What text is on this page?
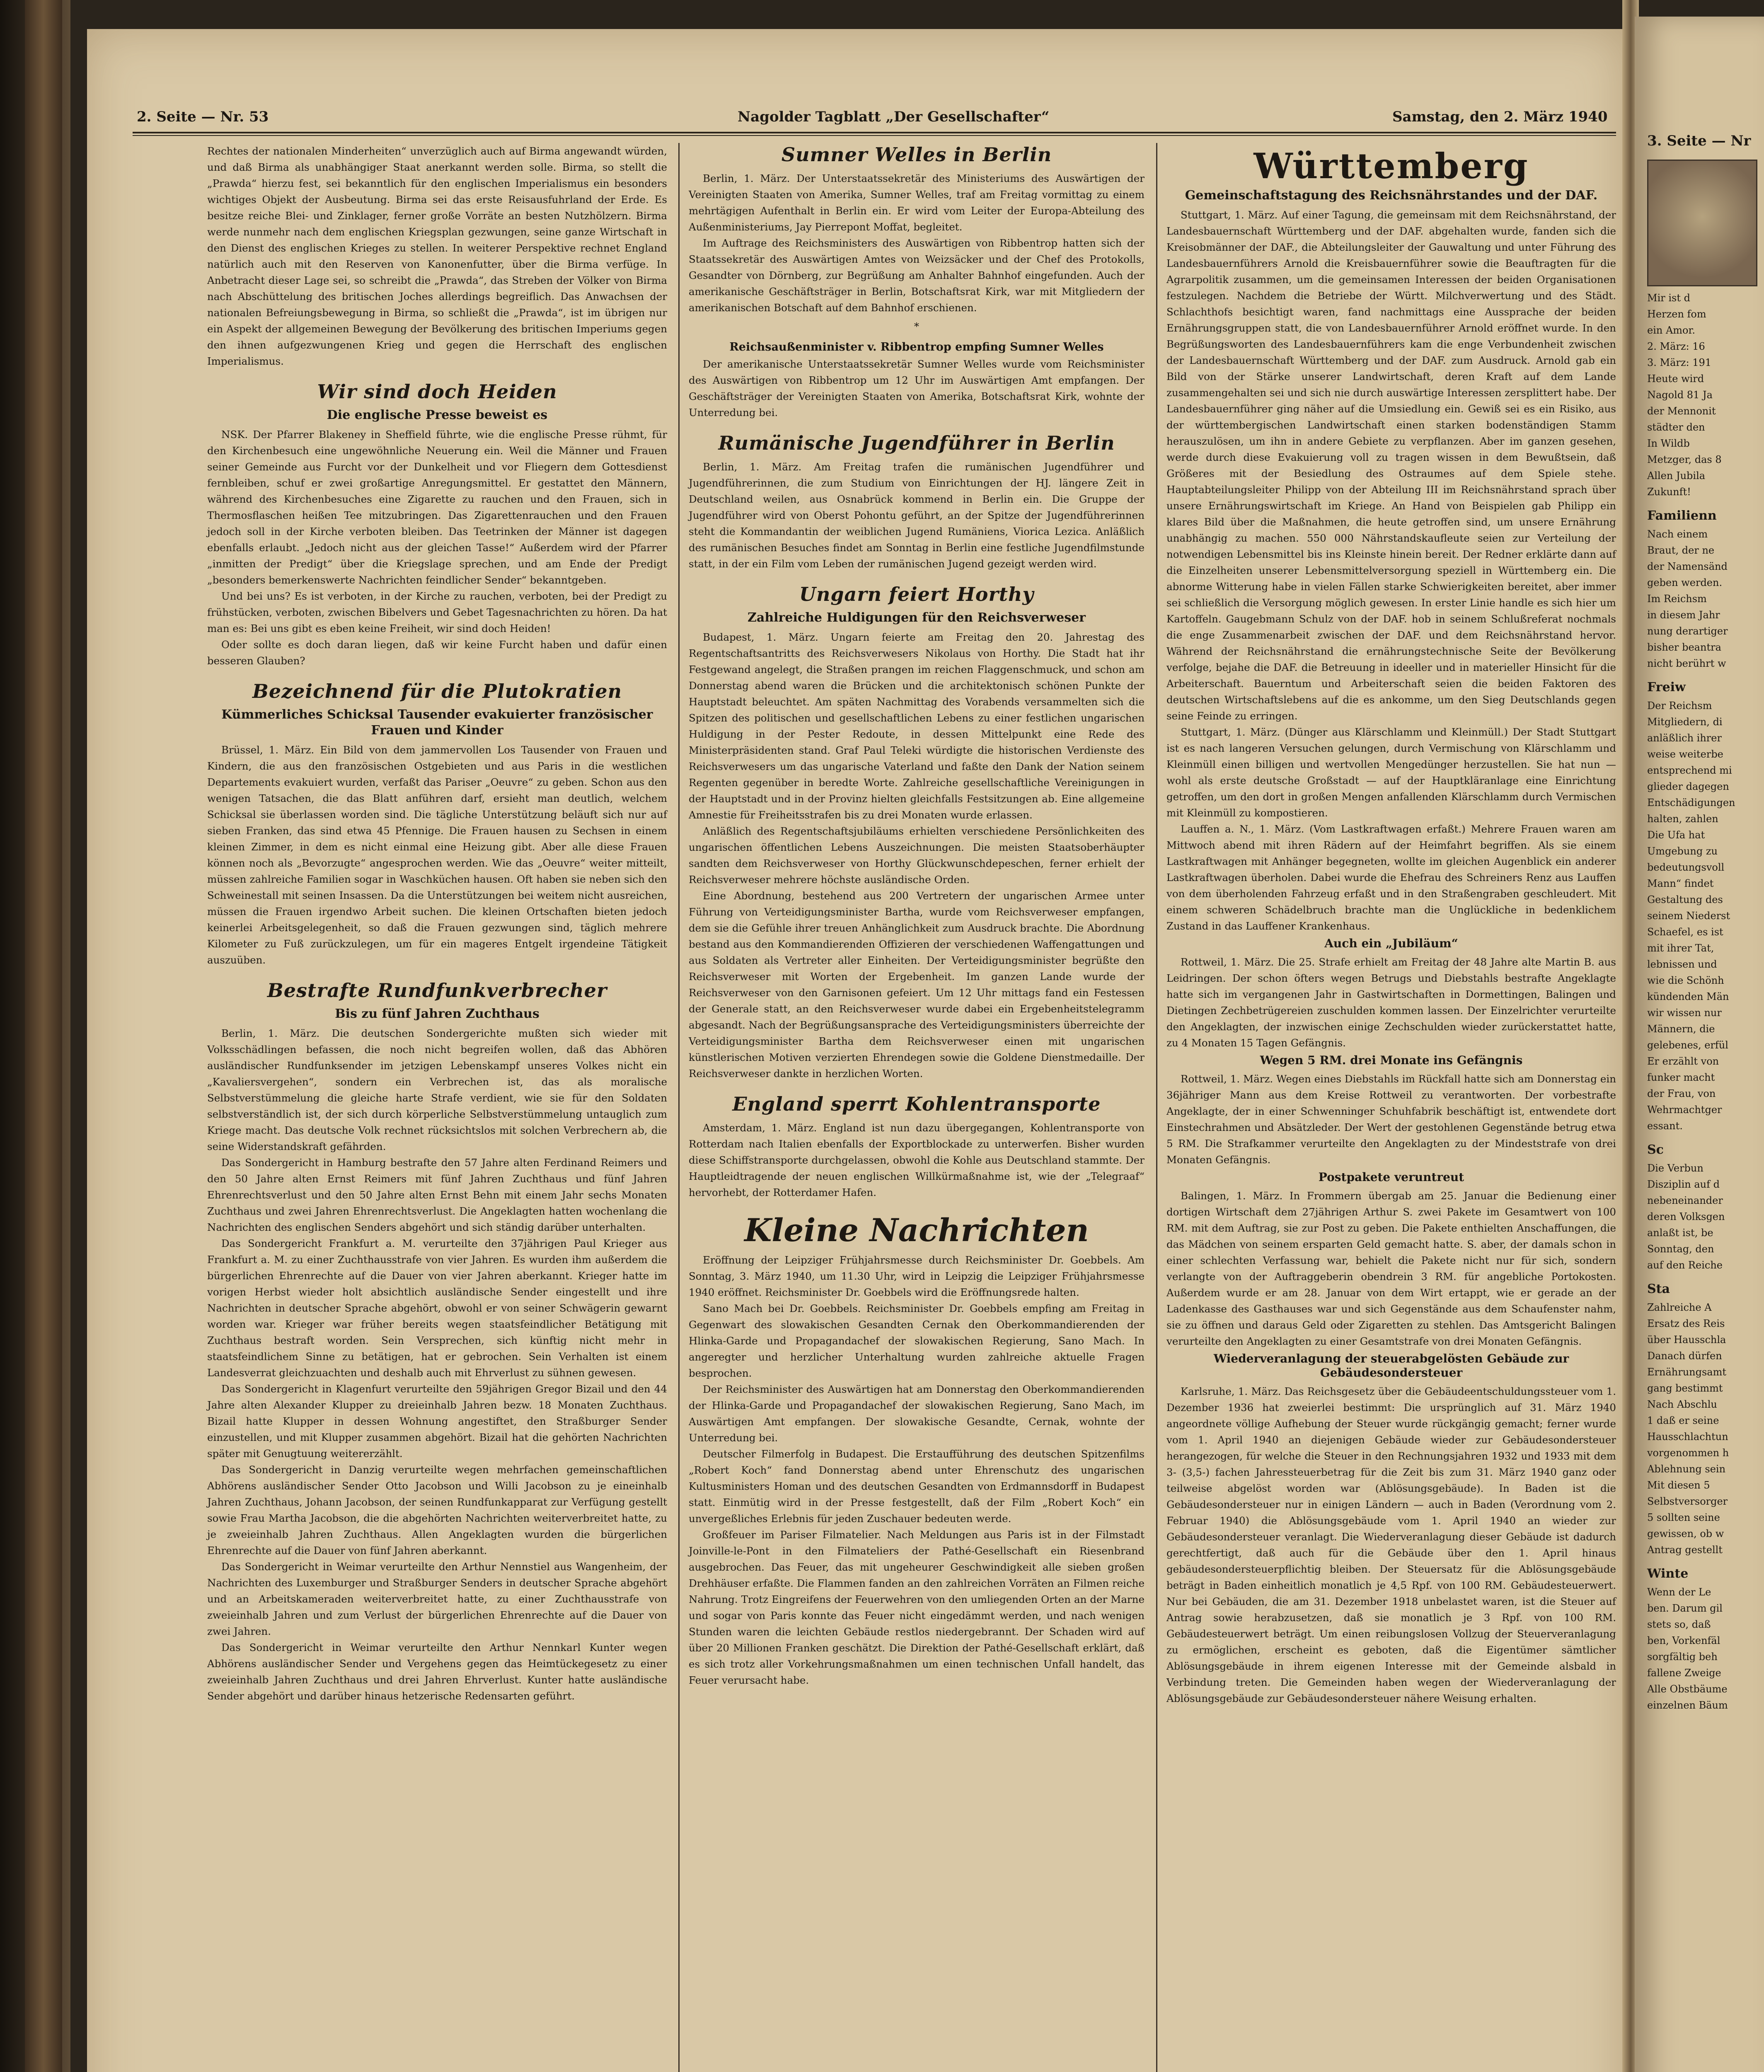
2. Seite — Nr. 53	Nagolder Tagblatt „Der Gesellschafter“	Samstag, den 2. März 1940

Rechtes der nationalen Minderheiten“ unverzüglich auch auf Birma angewandt würden, und daß Birma als unabhängiger Staat anerkannt werden solle. Birma, so stellt die „Prawda“ hierzu fest, sei bekanntlich für den englischen Imperialismus ein besonders wichtiges Objekt der Ausbeutung. Birma sei das erste Reisausfuhrland der Erde. Es besitze reiche Blei- und Zinklager, ferner große Vorräte an besten Nutzhölzern. Birma werde nunmehr nach dem englischen Kriegsplan gezwungen, seine ganze Wirtschaft in den Dienst des englischen Krieges zu stellen. In weiterer Perspektive rechnet England natürlich auch mit den Reserven von Kanonenfutter, über die Birma verfüge. In Anbetracht dieser Lage sei, so schreibt die „Prawda“, das Streben der Völker von Birma nach Abschüttelung des britischen Joches allerdings begreiflich. Das Anwachsen der nationalen Befreiungsbewegung in Birma, so schließt die „Prawda“, ist im übrigen nur ein Aspekt der allgemeinen Bewegung der Bevölkerung des britischen Imperiums gegen den ihnen aufgezwungenen Krieg und gegen die Herrschaft des englischen Imperialismus.

Wir sind doch Heiden
Die englische Presse beweist es

NSK. Der Pfarrer Blakeney in Sheffield führte, wie die englische Presse rühmt, für den Kirchenbesuch eine ungewöhnliche Neuerung ein. Weil die Männer und Frauen seiner Gemeinde aus Furcht vor der Dunkelheit und vor Fliegern dem Gottesdienst fernbleiben, schuf er zwei großartige Anregungsmittel. Er gestattet den Männern, während des Kirchenbesuches eine Zigarette zu rauchen und den Frauen, sich in Thermosflaschen heißen Tee mitzubringen. Das Zigarettenrauchen und den Frauen jedoch soll in der Kirche verboten bleiben. Das Teetrinken der Männer ist dagegen ebenfalls erlaubt. „Jedoch nicht aus der gleichen Tasse!“ Außerdem wird der Pfarrer „inmitten der Predigt“ über die Kriegslage sprechen, und am Ende der Predigt „besonders bemerkenswerte Nachrichten feindlicher Sender“ bekanntgeben.

Und bei uns? Es ist verboten, in der Kirche zu rauchen, verboten, bei der Predigt zu frühstücken, verboten, zwischen Bibelvers und Gebet Tagesnachrichten zu hören. Da hat man es: Bei uns gibt es eben keine Freiheit, wir sind doch Heiden!

Oder sollte es doch daran liegen, daß wir keine Furcht haben und dafür einen besseren Glauben?

Bezeichnend für die Plutokratien
Kümmerliches Schicksal Tausender evakuierter französischer Frauen und Kinder

Brüssel, 1. März. Ein Bild von dem jammervollen Los Tausender von Frauen und Kindern, die aus den französischen Ostgebieten und aus Paris in die westlichen Departements evakuiert wurden, verfaßt das Pariser „Oeuvre“ zu geben. Schon aus den wenigen Tatsachen, die das Blatt anführen darf, ersieht man deutlich, welchem Schicksal sie überlassen worden sind. Die tägliche Unterstützung beläuft sich nur auf sieben Franken, das sind etwa 45 Pfennige. Die Frauen hausen zu Sechsen in einem kleinen Zimmer, in dem es nicht einmal eine Heizung gibt. Aber alle diese Frauen können noch als „Bevorzugte“ angesprochen werden. Wie das „Oeuvre“ weiter mitteilt, müssen zahlreiche Familien sogar in Waschküchen hausen. Oft haben sie neben sich den Schweinestall mit seinen Insassen. Da die Unterstützungen bei weitem nicht ausreichen, müssen die Frauen irgendwo Arbeit suchen. Die kleinen Ortschaften bieten jedoch keinerlei Arbeitsgelegenheit, so daß die Frauen gezwungen sind, täglich mehrere Kilometer zu Fuß zurückzulegen, um für ein mageres Entgelt irgendeine Tätigkeit auszuüben.

Bestrafte Rundfunkverbrecher
Bis zu fünf Jahren Zuchthaus

Berlin, 1. März. Die deutschen Sondergerichte mußten sich wieder mit Volksschädlingen befassen, die noch nicht begreifen wollen, daß das Abhören ausländischer Rundfunksender im jetzigen Lebenskampf unseres Volkes nicht ein „Kavaliersvergehen“, sondern ein Verbrechen ist, das als moralische Selbstverstümmelung die gleiche harte Strafe verdient, wie sie für den Soldaten selbstverständlich ist, der sich durch körperliche Selbstverstümmelung untauglich zum Kriege macht. Das deutsche Volk rechnet rücksichtslos mit solchen Verbrechern ab, die seine Widerstandskraft gefährden.

Das Sondergericht in Hamburg bestrafte den 57 Jahre alten Ferdinand Reimers und den 50 Jahre alten Ernst Reimers mit fünf Jahren Zuchthaus und fünf Jahren Ehrenrechtsverlust und den 50 Jahre alten Ernst Behn mit einem Jahr sechs Monaten Zuchthaus und zwei Jahren Ehrenrechtsverlust. Die Angeklagten hatten wochenlang die Nachrichten des englischen Senders abgehört und sich ständig darüber unterhalten.

Das Sondergericht Frankfurt a. M. verurteilte den 37jährigen Paul Krieger aus Frankfurt a. M. zu einer Zuchthausstrafe von vier Jahren. Es wurden ihm außerdem die bürgerlichen Ehrenrechte auf die Dauer von vier Jahren aberkannt. Krieger hatte im vorigen Herbst wieder holt absichtlich ausländische Sender eingestellt und ihre Nachrichten in deutscher Sprache abgehört, obwohl er von seiner Schwägerin gewarnt worden war. Krieger war früher bereits wegen staatsfeindlicher Betätigung mit Zuchthaus bestraft worden. Sein Versprechen, sich künftig nicht mehr in staatsfeindlichem Sinne zu betätigen, hat er gebrochen. Sein Verhalten ist einem Landesverrat gleichzuachten und deshalb auch mit Ehrverlust zu sühnen gewesen.

Das Sondergericht in Klagenfurt verurteilte den 59jährigen Gregor Bizail und den 44 Jahre alten Alexander Klupper zu dreieinhalb Jahren bezw. 18 Monaten Zuchthaus. Bizail hatte Klupper in dessen Wohnung angestiftet, den Straßburger Sender einzustellen, und mit Klupper zusammen abgehört. Bizail hat die gehörten Nachrichten später mit Genugtuung weitererzählt.

Das Sondergericht in Danzig verurteilte wegen mehrfachen gemeinschaftlichen Abhörens ausländischer Sender Otto Jacobson und Willi Jacobson zu je eineinhalb Jahren Zuchthaus, Johann Jacobson, der seinen Rundfunkapparat zur Verfügung gestellt sowie Frau Martha Jacobson, die die abgehörten Nachrichten weiterverbreitet hatte, zu je zweieinhalb Jahren Zuchthaus. Allen Angeklagten wurden die bürgerlichen Ehrenrechte auf die Dauer von fünf Jahren aberkannt.

Das Sondergericht in Weimar verurteilte den Arthur Nennstiel aus Wangenheim, der Nachrichten des Luxemburger und Straßburger Senders in deutscher Sprache abgehört und an Arbeitskameraden weiterverbreitet hatte, zu einer Zuchthausstrafe von zweieinhalb Jahren und zum Verlust der bürgerlichen Ehrenrechte auf die Dauer von zwei Jahren.

Das Sondergericht in Weimar verurteilte den Arthur Nennkarl Kunter wegen Abhörens ausländischer Sender und Vergehens gegen das Heimtückegesetz zu einer zweieinhalb Jahren Zuchthaus und drei Jahren Ehrverlust. Kunter hatte ausländische Sender abgehört und darüber hinaus hetzerische Redensarten geführt.

Sumner Welles in Berlin

Berlin, 1. März. Der Unterstaatssekretär des Ministeriums des Auswärtigen der Vereinigten Staaten von Amerika, Sumner Welles, traf am Freitag vormittag zu einem mehrtägigen Aufenthalt in Berlin ein. Er wird vom Leiter der Europa-Abteilung des Außenministeriums, Jay Pierrepont Moffat, begleitet.

Im Auftrage des Reichsministers des Auswärtigen von Ribbentrop hatten sich der Staatssekretär des Auswärtigen Amtes von Weizsäcker und der Chef des Protokolls, Gesandter von Dörnberg, zur Begrüßung am Anhalter Bahnhof eingefunden. Auch der amerikanische Geschäftsträger in Berlin, Botschaftsrat Kirk, war mit Mitgliedern der amerikanischen Botschaft auf dem Bahnhof erschienen.

*
Reichsaußenminister v. Ribbentrop empfing Sumner Welles

Der amerikanische Unterstaatssekretär Sumner Welles wurde vom Reichsminister des Auswärtigen von Ribbentrop um 12 Uhr im Auswärtigen Amt empfangen. Der Geschäftsträger der Vereinigten Staaten von Amerika, Botschaftsrat Kirk, wohnte der Unterredung bei.

Rumänische Jugendführer in Berlin

Berlin, 1. März. Am Freitag trafen die rumänischen Jugendführer und Jugendführerinnen, die zum Studium von Einrichtungen der HJ. längere Zeit in Deutschland weilen, aus Osnabrück kommend in Berlin ein. Die Gruppe der Jugendführer wird von Oberst Pohontu geführt, an der Spitze der Jugendführerinnen steht die Kommandantin der weiblichen Jugend Rumäniens, Viorica Lezica. Anläßlich des rumänischen Besuches findet am Sonntag in Berlin eine festliche Jugendfilmstunde statt, in der ein Film vom Leben der rumänischen Jugend gezeigt werden wird.

Ungarn feiert Horthy
Zahlreiche Huldigungen für den Reichsverweser

Budapest, 1. März. Ungarn feierte am Freitag den 20. Jahrestag des Regentschaftsantritts des Reichsverwesers Nikolaus von Horthy. Die Stadt hat ihr Festgewand angelegt, die Straßen prangen im reichen Flaggenschmuck, und schon am Donnerstag abend waren die Brücken und die architektonisch schönen Punkte der Hauptstadt beleuchtet. Am späten Nachmittag des Vorabends versammelten sich die Spitzen des politischen und gesellschaftlichen Lebens zu einer festlichen ungarischen Huldigung in der Pester Redoute, in dessen Mittelpunkt eine Rede des Ministerpräsidenten stand. Graf Paul Teleki würdigte die historischen Verdienste des Reichsverwesers um das ungarische Vaterland und faßte den Dank der Nation seinem Regenten gegenüber in beredte Worte. Zahlreiche gesellschaftliche Vereinigungen in der Hauptstadt und in der Provinz hielten gleichfalls Festsitzungen ab. Eine allgemeine Amnestie für Freiheitsstrafen bis zu drei Monaten wurde erlassen.

Anläßlich des Regentschaftsjubiläums erhielten verschiedene Persönlichkeiten des ungarischen öffentlichen Lebens Auszeichnungen. Die meisten Staatsoberhäupter sandten dem Reichsverweser von Horthy Glückwunschdepeschen, ferner erhielt der Reichsverweser mehrere höchste ausländische Orden.

Eine Abordnung, bestehend aus 200 Vertretern der ungarischen Armee unter Führung von Verteidigungsminister Bartha, wurde vom Reichsverweser empfangen, dem sie die Gefühle ihrer treuen Anhänglichkeit zum Ausdruck brachte. Die Abordnung bestand aus den Kommandierenden Offizieren der verschiedenen Waffengattungen und aus Soldaten als Vertreter aller Einheiten. Der Verteidigungsminister begrüßte den Reichsverweser mit Worten der Ergebenheit. Im ganzen Lande wurde der Reichsverweser von den Garnisonen gefeiert. Um 12 Uhr mittags fand ein Festessen der Generale statt, an den Reichsverweser wurde dabei ein Ergebenheitstelegramm abgesandt. Nach der Begrüßungsansprache des Verteidigungsministers überreichte der Verteidigungsminister Bartha dem Reichsverweser einen mit ungarischen künstlerischen Motiven verzierten Ehrendegen sowie die Goldene Dienstmedaille. Der Reichsverweser dankte in herzlichen Worten.

England sperrt Kohlentransporte

Amsterdam, 1. März. England ist nun dazu übergegangen, Kohlentransporte von Rotterdam nach Italien ebenfalls der Exportblockade zu unterwerfen. Bisher wurden diese Schiffstransporte durchgelassen, obwohl die Kohle aus Deutschland stammte. Der Hauptleidtragende der neuen englischen Willkürmaßnahme ist, wie der „Telegraaf“ hervorhebt, der Rotterdamer Hafen.

Kleine Nachrichten

Eröffnung der Leipziger Frühjahrsmesse durch Reichsminister Dr. Goebbels. Am Sonntag, 3. März 1940, um 11.30 Uhr, wird in Leipzig die Leipziger Frühjahrsmesse 1940 eröffnet. Reichsminister Dr. Goebbels wird die Eröffnungsrede halten.

Sano Mach bei Dr. Goebbels. Reichsminister Dr. Goebbels empfing am Freitag in Gegenwart des slowakischen Gesandten Cernak den Oberkommandierenden der Hlinka-Garde und Propagandachef der slowakischen Regierung, Sano Mach. In angeregter und herzlicher Unterhaltung wurden zahlreiche aktuelle Fragen besprochen.

Der Reichsminister des Auswärtigen hat am Donnerstag den Oberkommandierenden der Hlinka-Garde und Propagandachef der slowakischen Regierung, Sano Mach, im Auswärtigen Amt empfangen. Der slowakische Gesandte, Cernak, wohnte der Unterredung bei.

Deutscher Filmerfolg in Budapest. Die Erstaufführung des deutschen Spitzenfilms „Robert Koch“ fand Donnerstag abend unter Ehrenschutz des ungarischen Kultusministers Homan und des deutschen Gesandten von Erdmannsdorff in Budapest statt. Einmütig wird in der Presse festgestellt, daß der Film „Robert Koch“ ein unvergeßliches Erlebnis für jeden Zuschauer bedeuten werde.

Großfeuer im Pariser Filmatelier. Nach Meldungen aus Paris ist in der Filmstadt Joinville-le-Pont in den Filmateliers der Pathé-Gesellschaft ein Riesenbrand ausgebrochen. Das Feuer, das mit ungeheurer Geschwindigkeit alle sieben großen Drehhäuser erfaßte. Die Flammen fanden an den zahlreichen Vorräten an Filmen reiche Nahrung. Trotz Eingreifens der Feuerwehren von den umliegenden Orten an der Marne und sogar von Paris konnte das Feuer nicht eingedämmt werden, und nach wenigen Stunden waren die leichten Gebäude restlos niedergebrannt. Der Schaden wird auf über 20 Millionen Franken geschätzt. Die Direktion der Pathé-Gesellschaft erklärt, daß es sich trotz aller Vorkehrungsmaßnahmen um einen technischen Unfall handelt, das Feuer verursacht habe.

Württemberg
Gemeinschaftstagung des Reichsnährstandes und der DAF.

Stuttgart, 1. März. Auf einer Tagung, die gemeinsam mit dem Reichsnährstand, der Landesbauernschaft Württemberg und der DAF. abgehalten wurde, fanden sich die Kreisobmänner der DAF., die Abteilungsleiter der Gauwaltung und unter Führung des Landesbauernführers Arnold die Kreisbauernführer sowie die Beauftragten für die Agrarpolitik zusammen, um die gemeinsamen Interessen der beiden Organisationen festzulegen. Nachdem die Betriebe der Württ. Milchverwertung und des Städt. Schlachthofs besichtigt waren, fand nachmittags eine Aussprache der beiden Ernährungsgruppen statt, die von Landesbauernführer Arnold eröffnet wurde. In den Begrüßungsworten des Landesbauernführers kam die enge Verbundenheit zwischen der Landesbauernschaft Württemberg und der DAF. zum Ausdruck. Arnold gab ein Bild von der Stärke unserer Landwirtschaft, deren Kraft auf dem Lande zusammengehalten sei und sich nie durch auswärtige Interessen zersplittert habe. Der Landesbauernführer ging näher auf die Umsiedlung ein. Gewiß sei es ein Risiko, aus der württembergischen Landwirtschaft einen starken bodenständigen Stamm herauszulösen, um ihn in andere Gebiete zu verpflanzen. Aber im ganzen gesehen, werde durch diese Evakuierung voll zu tragen wissen in dem Bewußtsein, daß Größeres mit der Besiedlung des Ostraumes auf dem Spiele stehe. Hauptabteilungsleiter Philipp von der Abteilung III im Reichsnährstand sprach über unsere Ernährungswirtschaft im Kriege. An Hand von Beispielen gab Philipp ein klares Bild über die Maßnahmen, die heute getroffen sind, um unsere Ernährung unabhängig zu machen. 550 000 Nährstandskaufleute seien zur Verteilung der notwendigen Lebensmittel bis ins Kleinste hinein bereit. Der Redner erklärte dann auf die Einzelheiten unserer Lebensmittelversorgung speziell in Württemberg ein. Die abnorme Witterung habe in vielen Fällen starke Schwierigkeiten bereitet, aber immer sei schließlich die Versorgung möglich gewesen. In erster Linie handle es sich hier um Kartoffeln. Gaugebmann Schulz von der DAF. hob in seinem Schlußreferat nochmals die enge Zusammenarbeit zwischen der DAF. und dem Reichsnährstand hervor. Während der Reichsnährstand die ernährungstechnische Seite der Bevölkerung verfolge, bejahe die DAF. die Betreuung in ideeller und in materieller Hinsicht für die Arbeiterschaft. Bauerntum und Arbeiterschaft seien die beiden Faktoren des deutschen Wirtschaftslebens auf die es ankomme, um den Sieg Deutschlands gegen seine Feinde zu erringen.

Stuttgart, 1. März. (Dünger aus Klärschlamm und Kleinmüll.) Der Stadt Stuttgart ist es nach langeren Versuchen gelungen, durch Vermischung von Klärschlamm und Kleinmüll einen billigen und wertvollen Mengedünger herzustellen. Sie hat nun — wohl als erste deutsche Großstadt — auf der Hauptkläranlage eine Einrichtung getroffen, um den dort in großen Mengen anfallenden Klärschlamm durch Vermischen mit Kleinmüll zu kompostieren.

Lauffen a. N., 1. März. (Vom Lastkraftwagen erfaßt.) Mehrere Frauen waren am Mittwoch abend mit ihren Rädern auf der Heimfahrt begriffen. Als sie einem Lastkraftwagen mit Anhänger begegneten, wollte im gleichen Augenblick ein anderer Lastkraftwagen überholen. Dabei wurde die Ehefrau des Schreiners Renz aus Lauffen von dem überholenden Fahrzeug erfaßt und in den Straßengraben geschleudert. Mit einem schweren Schädelbruch brachte man die Unglückliche in bedenklichem Zustand in das Lauffener Krankenhaus.

Auch ein „Jubiläum“

Rottweil, 1. März. Die 25. Strafe erhielt am Freitag der 48 Jahre alte Martin B. aus Leidringen. Der schon öfters wegen Betrugs und Diebstahls bestrafte Angeklagte hatte sich im vergangenen Jahr in Gastwirtschaften in Dormettingen, Balingen und Dietingen Zechbetrügereien zuschulden kommen lassen. Der Einzelrichter verurteilte den Angeklagten, der inzwischen einige Zechschulden wieder zurückerstattet hatte, zu 4 Monaten 15 Tagen Gefängnis.

Wegen 5 RM. drei Monate ins Gefängnis

Rottweil, 1. März. Wegen eines Diebstahls im Rückfall hatte sich am Donnerstag ein 36jähriger Mann aus dem Kreise Rottweil zu verantworten. Der vorbestrafte Angeklagte, der in einer Schwenninger Schuhfabrik beschäftigt ist, entwendete dort Einstechrahmen und Absätzleder. Der Wert der gestohlenen Gegenstände betrug etwa 5 RM. Die Strafkammer verurteilte den Angeklagten zu der Mindeststrafe von drei Monaten Gefängnis.

Postpakete veruntreut

Balingen, 1. März. In Frommern übergab am 25. Januar die Bedienung einer dortigen Wirtschaft dem 27jährigen Arthur S. zwei Pakete im Gesamtwert von 100 RM. mit dem Auftrag, sie zur Post zu geben. Die Pakete enthielten Anschaffungen, die das Mädchen von seinem ersparten Geld gemacht hatte. S. aber, der damals schon in einer schlechten Verfassung war, behielt die Pakete nicht nur für sich, sondern verlangte von der Auftraggeberin obendrein 3 RM. für angebliche Portokosten. Außerdem wurde er am 28. Januar von dem Wirt ertappt, wie er gerade an der Ladenkasse des Gasthauses war und sich Gegenstände aus dem Schaufenster nahm, sie zu öffnen und daraus Geld oder Zigaretten zu stehlen. Das Amtsgericht Balingen verurteilte den Angeklagten zu einer Gesamtstrafe von drei Monaten Gefängnis.

Wiederveranlagung der steuerabgelösten Gebäude zur Gebäudesondersteuer

Karlsruhe, 1. März. Das Reichsgesetz über die Gebäudeentschuldungssteuer vom 1. Dezember 1936 hat zweierlei bestimmt: Die ursprünglich auf 31. März 1940 angeordnete völlige Aufhebung der Steuer wurde rückgängig gemacht; ferner wurde vom 1. April 1940 an diejenigen Gebäude wieder zur Gebäudesondersteuer herangezogen, für welche die Steuer in den Rechnungsjahren 1932 und 1933 mit dem 3- (3,5-) fachen Jahressteuerbetrag für die Zeit bis zum 31. März 1940 ganz oder teilweise abgelöst worden war (Ablösungsgebäude). In Baden ist die Gebäudesondersteuer nur in einigen Ländern — auch in Baden (Verordnung vom 2. Februar 1940) die Ablösungsgebäude vom 1. April 1940 an wieder zur Gebäudesondersteuer veranlagt. Die Wiederveranlagung dieser Gebäude ist dadurch gerechtfertigt, daß auch für die Gebäude über den 1. April hinaus gebäudesondersteuerpflichtig bleiben. Der Steuersatz für die Ablösungsgebäude beträgt in Baden einheitlich monatlich je 4,5 Rpf. von 100 RM. Gebäudesteuerwert. Nur bei Gebäuden, die am 31. Dezember 1918 unbelastet waren, ist die Steuer auf Antrag sowie herabzusetzen, daß sie monatlich je 3 Rpf. von 100 RM. Gebäudesteuerwert beträgt. Um einen reibungslosen Vollzug der Steuerveranlagung zu ermöglichen, erscheint es geboten, daß die Eigentümer sämtlicher Ablösungsgebäude in ihrem eigenen Interesse mit der Gemeinde alsbald in Verbindung treten. Die Gemeinden haben wegen der Wiederveranlagung der Ablösungsgebäude zur Gebäudesondersteuer nähere Weisung erhalten.

3. Seite — Nr

Mir ist d

Herzen fom

ein Amor.

2. März: 16

3. März: 191

Heute wird

Nagold 81 Ja

der Mennonit

städter den

In Wildb

Metzger, das 8

Allen Jubila

Zukunft!

Familienn

Nach einem

Braut, der ne

der Namensänd

geben werden.

Im Reichsm

in diesem Jahr

nung derartiger

bisher beantra

nicht berührt w

Freiw

Der Reichsm

Mitgliedern, di

anläßlich ihrer

weise weiterbe

entsprechend mi

glieder dagegen

Entschädigungen

halten, zahlen

Die Ufa hat

Umgebung zu

bedeutungsvoll

Mann“ findet

Gestaltung des

seinem Niederst

Schaefel, es ist

mit ihrer Tat,

lebnissen und

wie die Schönh

kündenden Män

wir wissen nur

Männern, die

gelebenes, erfül

Er erzählt von

funker macht

der Frau, von

Wehrmachtger

essant.

Sc

Die Verbun

Disziplin auf d

nebeneinander

deren Volksgen

anlaßt ist, be

Sonntag, den

auf den Reiche

Sta

Zahlreiche A

Ersatz des Reis

über Hausschla

Danach dürfen

Ernährungsamt

gang bestimmt

Nach Abschlu

1 daß er seine

Hausschlachtun

vorgenommen h

Ablehnung sein

Mit diesen 5

Selbstversorger

5 sollten seine

gewissen, ob w

Antrag gestellt

Winte

Wenn der Le

ben. Darum gil

stets so, daß

ben, Vorkenfäl

sorgfältig beh

fallene Zweige

Alle Obstbäume

einzelnen Bäum
